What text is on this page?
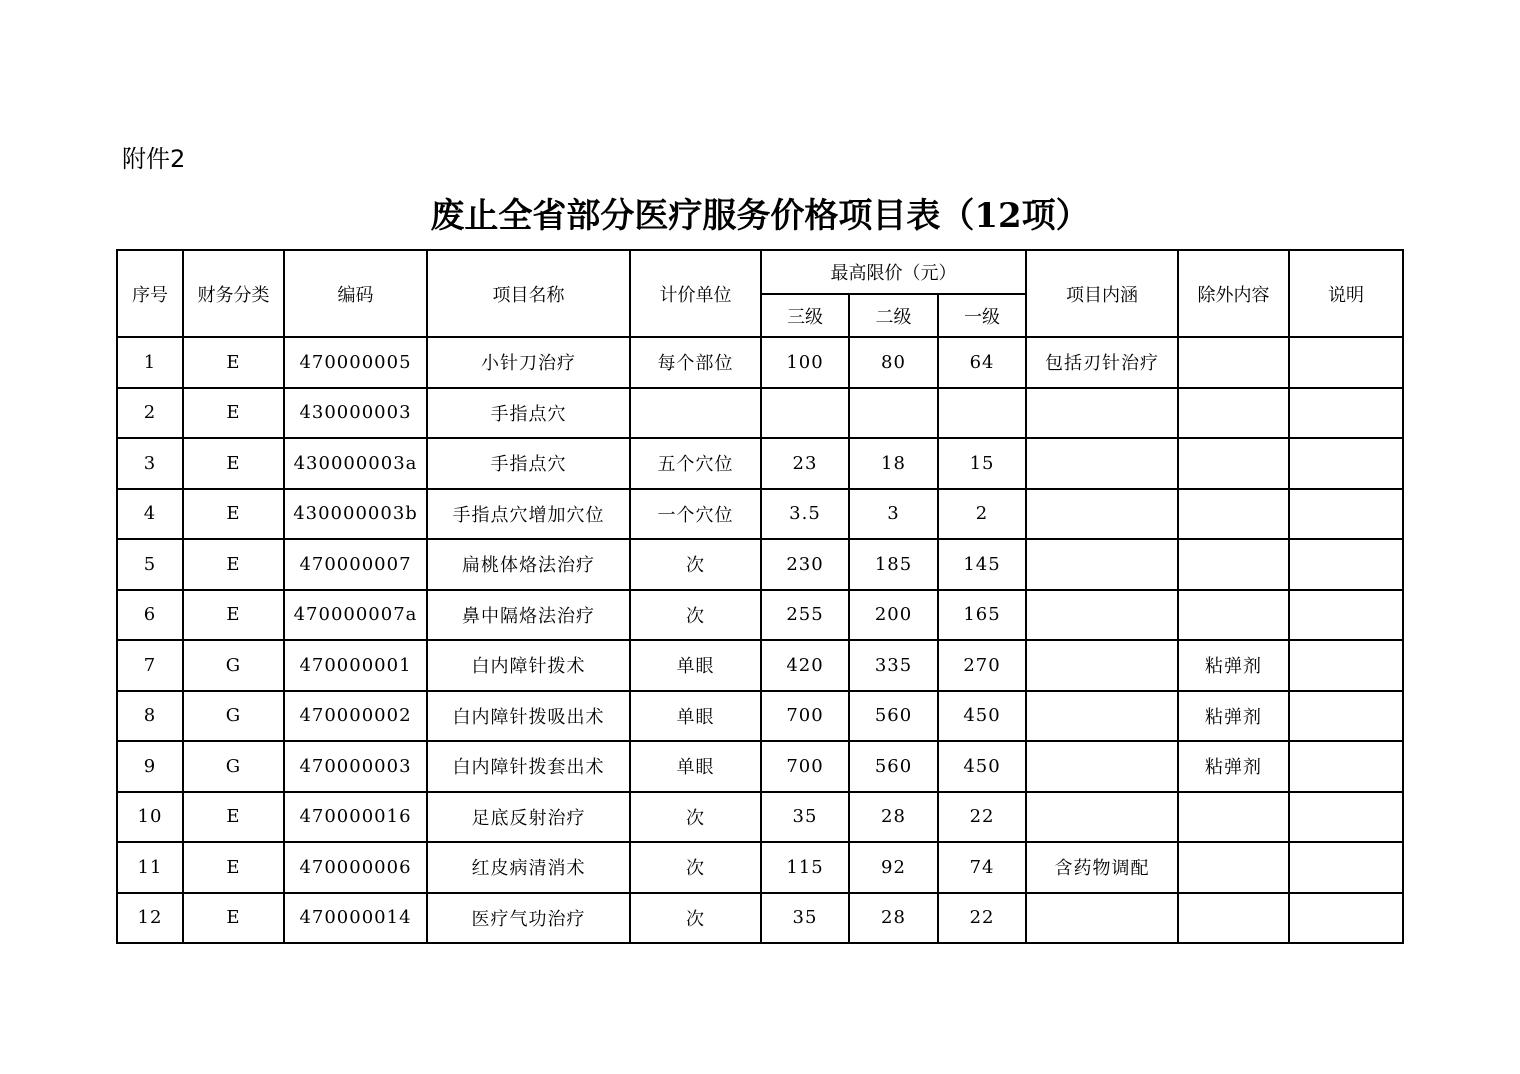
附件2
废止全省部分医疗服务价格项目表（12项）
序号	财务分类	编码	项目名称	计价单位	最高限价（元）			项目内涵	除外内容	说明
					三级	二级	一级			
1	E	470000005	小针刀治疗	每个部位	100	80	64	包括刃针治疗		
2	E	430000003	手指点穴							
3	E	430000003a	手指点穴	五个穴位	23	18	15			
4	E	430000003b	手指点穴增加穴位	一个穴位	3.5	3	2			
5	E	470000007	扁桃体烙法治疗	次	230	185	145			
6	E	470000007a	鼻中隔烙法治疗	次	255	200	165			
7	G	470000001	白内障针拨术	单眼	420	335	270		粘弹剂	
8	G	470000002	白内障针拨吸出术	单眼	700	560	450		粘弹剂	
9	G	470000003	白内障针拨套出术	单眼	700	560	450		粘弹剂	
10	E	470000016	足底反射治疗	次	35	28	22			
11	E	470000006	红皮病清消术	次	115	92	74	含药物调配		
12	E	470000014	医疗气功治疗	次	35	28	22			
